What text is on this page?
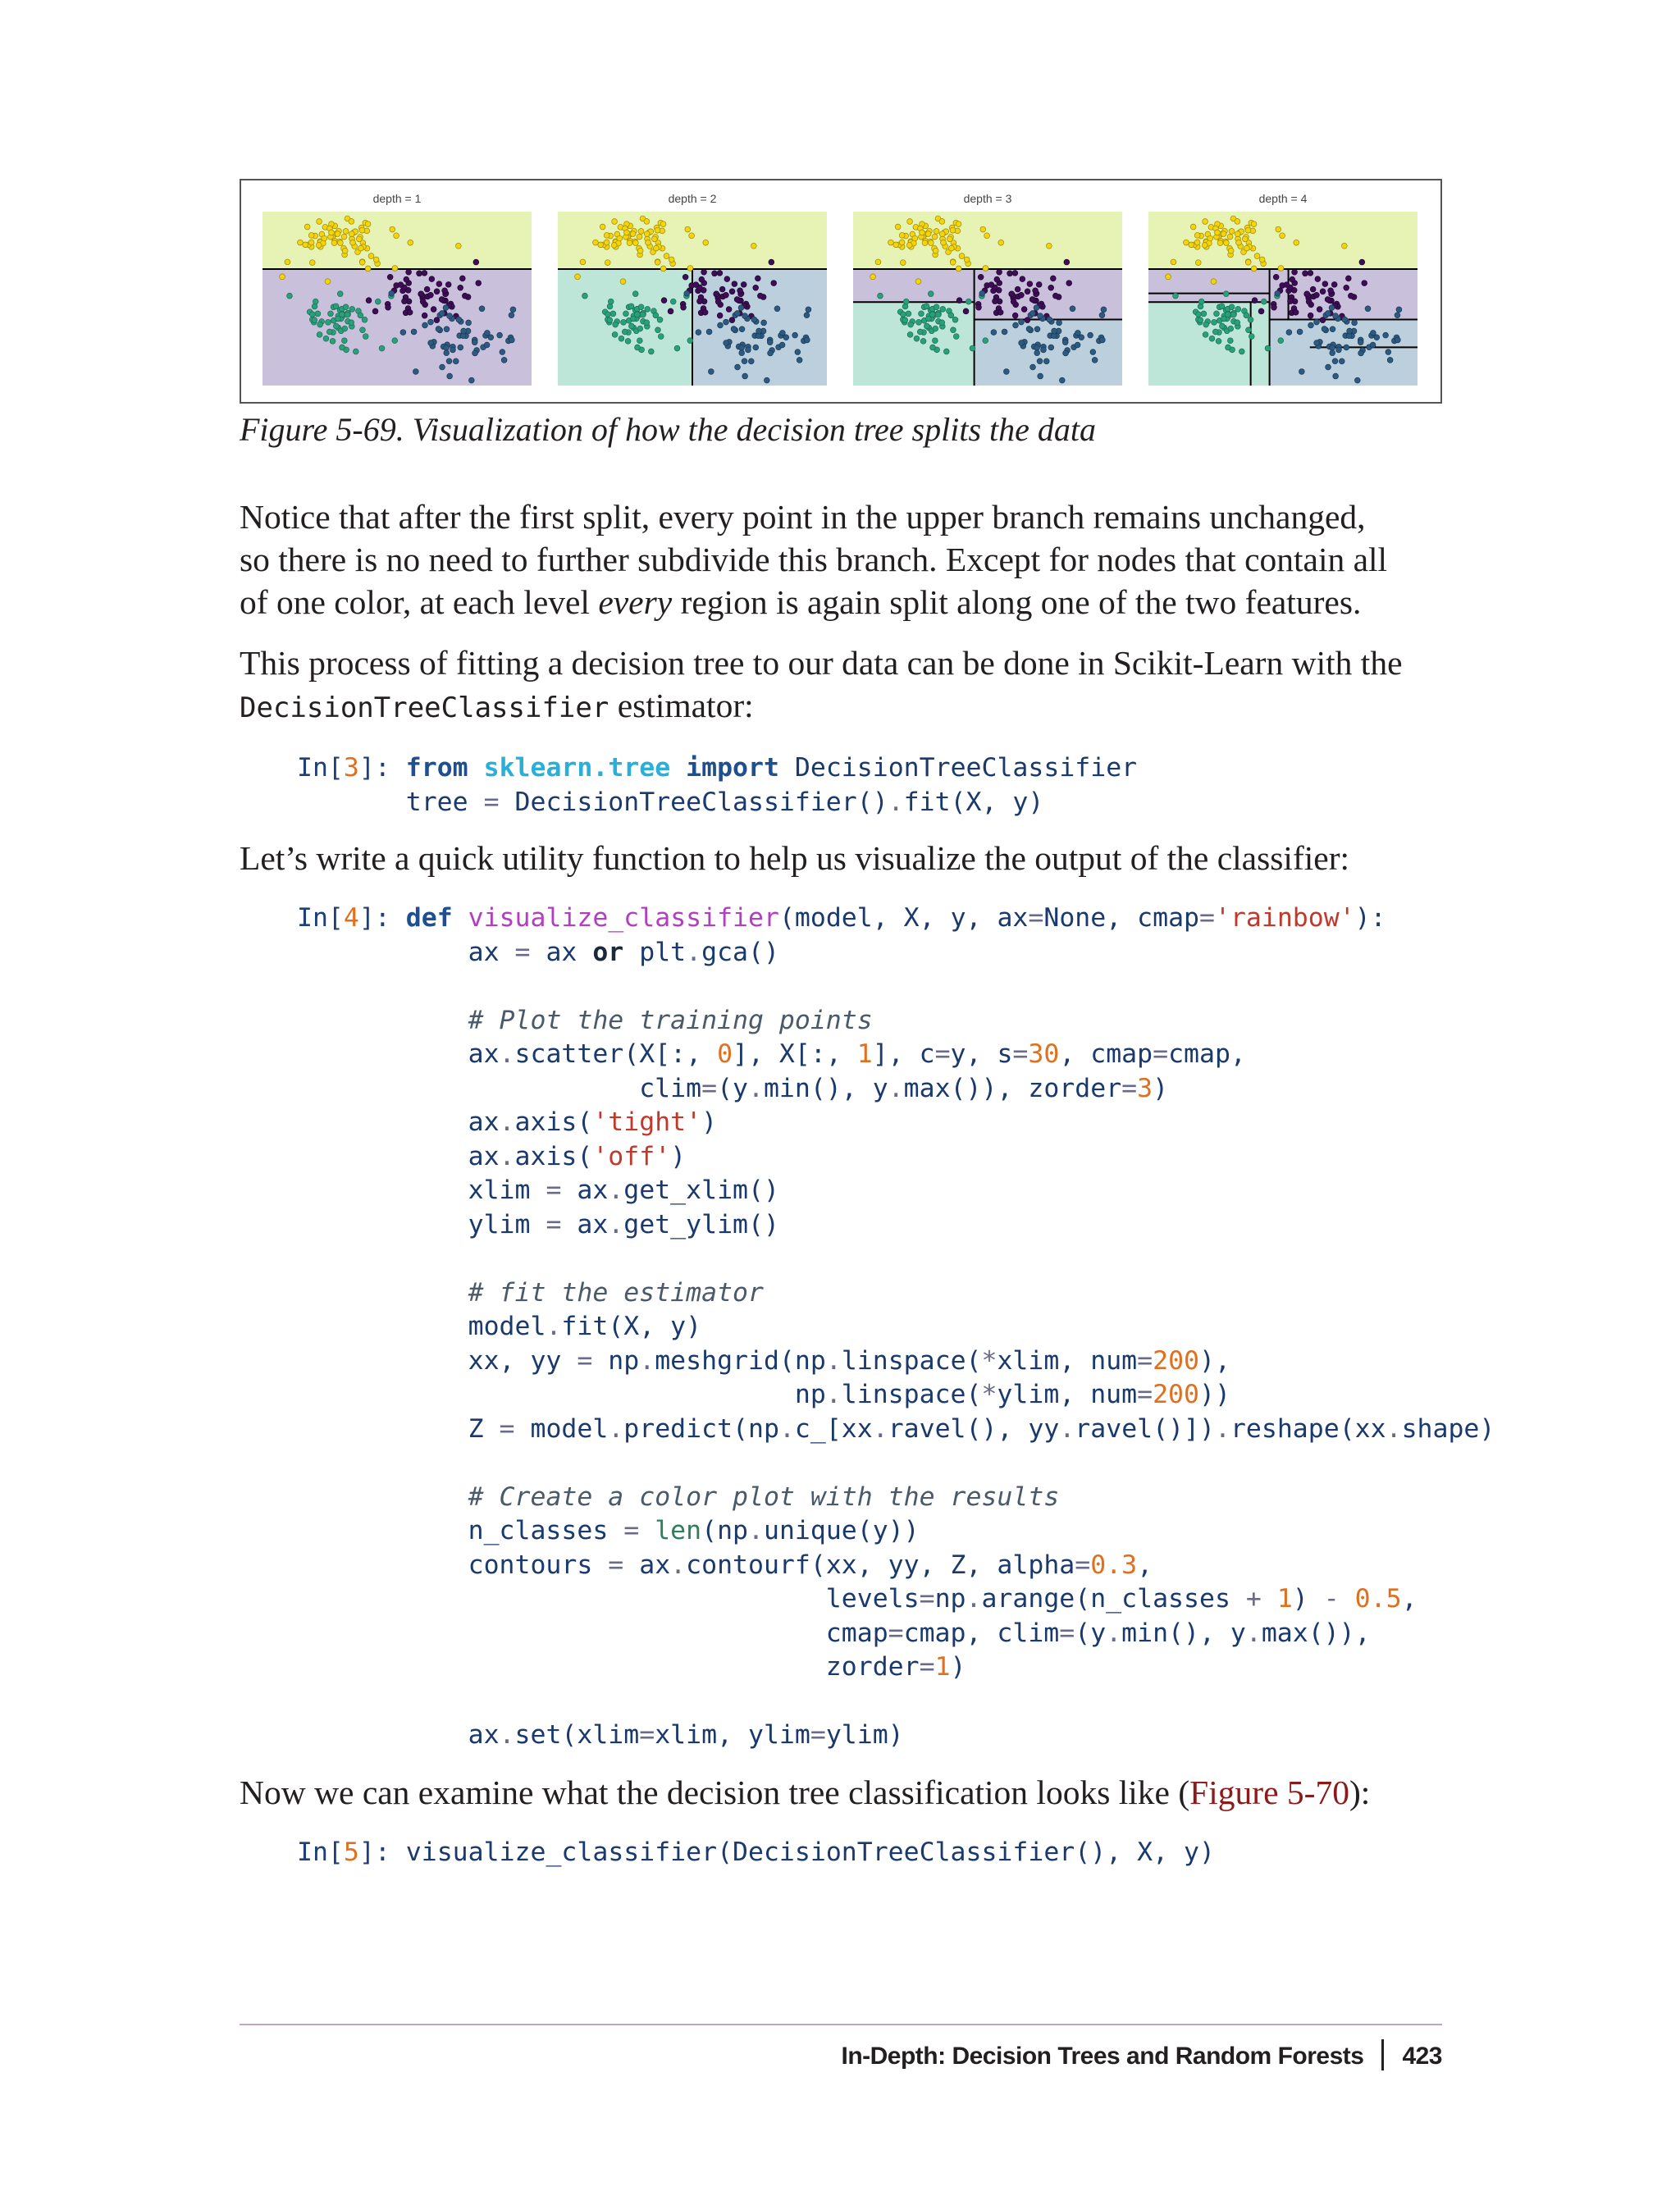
depth = 1	depth = 2	depth = 3	depth = 4
Figure 5-69. Visualization of how the decision tree splits the data
Notice that after the first split, every point in the upper branch remains unchanged,
so there is no need to further subdivide this branch. Except for nodes that contain all
of one color, at each level every region is again split along one of the two features.
This process of fitting a decision tree to our data can be done in Scikit-Learn with the
DecisionTreeClassifier estimator:
In[3]: from sklearn.tree import DecisionTreeClassifier
tree = DecisionTreeClassifier().fit(X, y)
Let’s write a quick utility function to help us visualize the output of the classifier:
In[4]: def visualize_classifier(model, X, y, ax=None, cmap='rainbow'):
ax = ax or plt.gca()

# Plot the training points
ax.scatter(X[:, 0], X[:, 1], c=y, s=30, cmap=cmap,
clim=(y.min(), y.max()), zorder=3)
ax.axis('tight')
ax.axis('off')
xlim = ax.get_xlim()
ylim = ax.get_ylim()

# fit the estimator
model.fit(X, y)
xx, yy = np.meshgrid(np.linspace(*xlim, num=200),
np.linspace(*ylim, num=200))
Z = model.predict(np.c_[xx.ravel(), yy.ravel()]).reshape(xx.shape)

# Create a color plot with the results
n_classes = len(np.unique(y))
contours = ax.contourf(xx, yy, Z, alpha=0.3,
levels=np.arange(n_classes + 1) - 0.5,
cmap=cmap, clim=(y.min(), y.max()),
zorder=1)

ax.set(xlim=xlim, ylim=ylim)
Now we can examine what the decision tree classification looks like (Figure 5-70):
In[5]: visualize_classifier(DecisionTreeClassifier(), X, y)
In-Depth: Decision Trees and Random Forests 423
